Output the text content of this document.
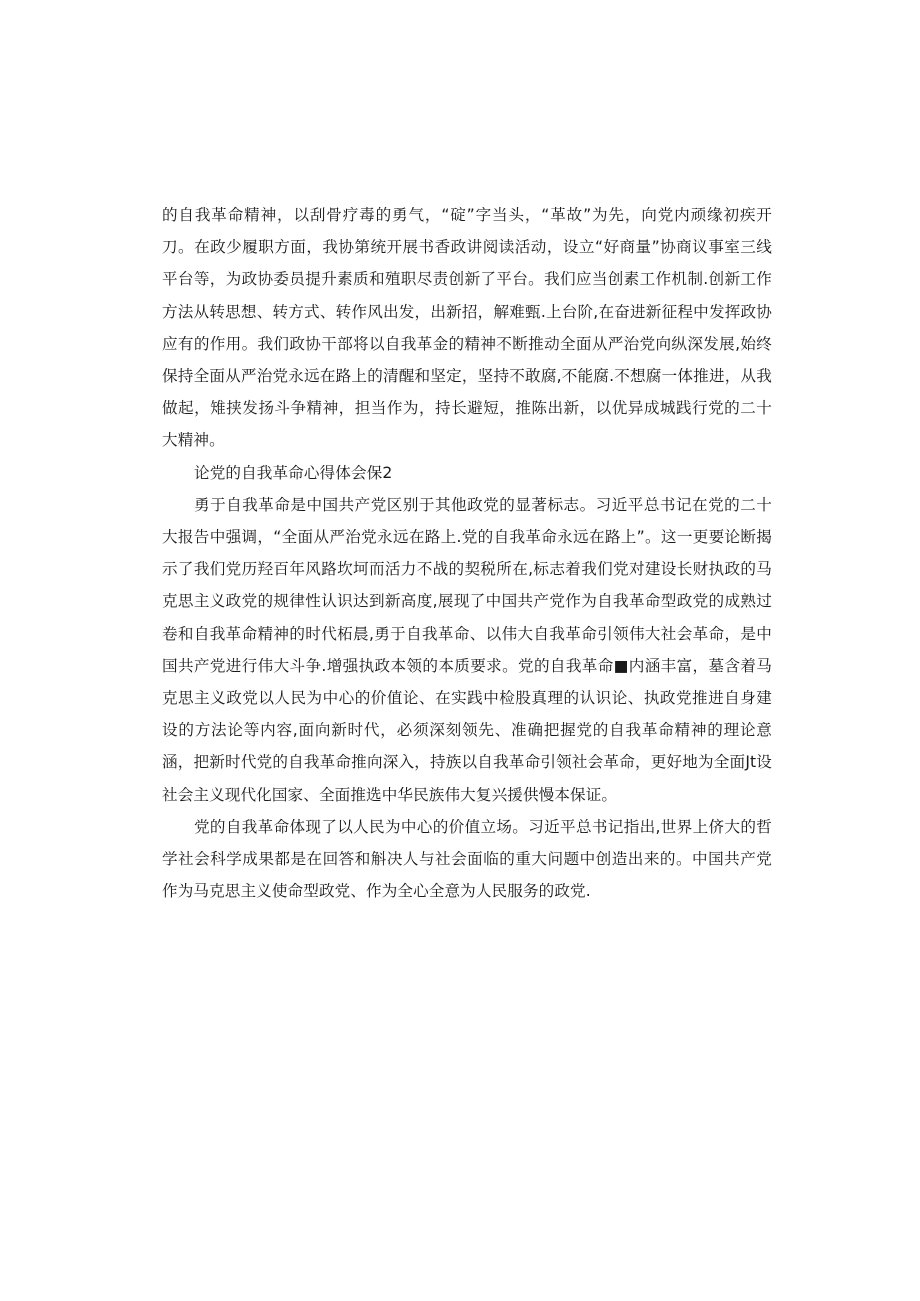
的自我革命精神，以刮骨疗毒的勇气，“碇”字当头，“革故”为先，向党内顽缘初疾开刀。在政少履职方面，我协第统开展书香政讲阅读活动，设立“好商量”协商议事室三线平台等，为政协委员提升素质和殖职尽责创新了平台。我们应当创素工作机制.创新工作方法从转思想、转方式、转作风出发，出新招，解难甄.上台阶,在奋进新征程中发挥政协应有的作用。我们政协干部将以自我革金的精神不断推动全面从严治党向纵深发展,始终保持全面从严治党永远在路上的清醒和坚定，坚持不敢腐,不能腐.不想腐一体推进，从我做起，雉挟发扬斗争精神，担当作为，持长避短，推陈出新，以优异成城践行党的二十大精神。

论党的自我革命心得体会保2

勇于自我革命是中国共产党区别于其他政党的显著标志。习近平总书记在党的二十大报告中强调，“全面从严治党永远在路上.党的自我革命永远在路上”。这一更要论断揭示了我们党历羟百年风路坎坷而活力不战的契税所在,标志着我们党对建设长财执政的马克思主义政党的规律性认识达到新高度,展现了中国共产党作为自我革命型政党的成熟过卷和自我革命精神的时代柘晨,勇于自我革命、以伟大自我革命引领伟大社会革命，是中国共产党进行伟大斗争.增强执政本领的本质要求。党的自我革命■内涵丰富，墓含着马克思主义政党以人民为中心的价值论、在实践中检股真理的认识论、执政党推进自身建设的方法论等内容,面向新时代，必须深刻领先、准确把握党的自我革命精神的理论意涵，把新时代党的自我革命推向深入，持族以自我革命引领社会革命，更好地为全面Jt设社会主义现代化国家、全面推选中华民族伟大复兴援供慢本保证。

党的自我革命体现了以人民为中心的价值立场。习近平总书记指出,世界上侪大的哲学社会科学成果都是在回答和斛决人与社会面临的重大问题中创造出来的。中国共产党作为马克思主义使命型政党、作为全心全意为人民服务的政党.
